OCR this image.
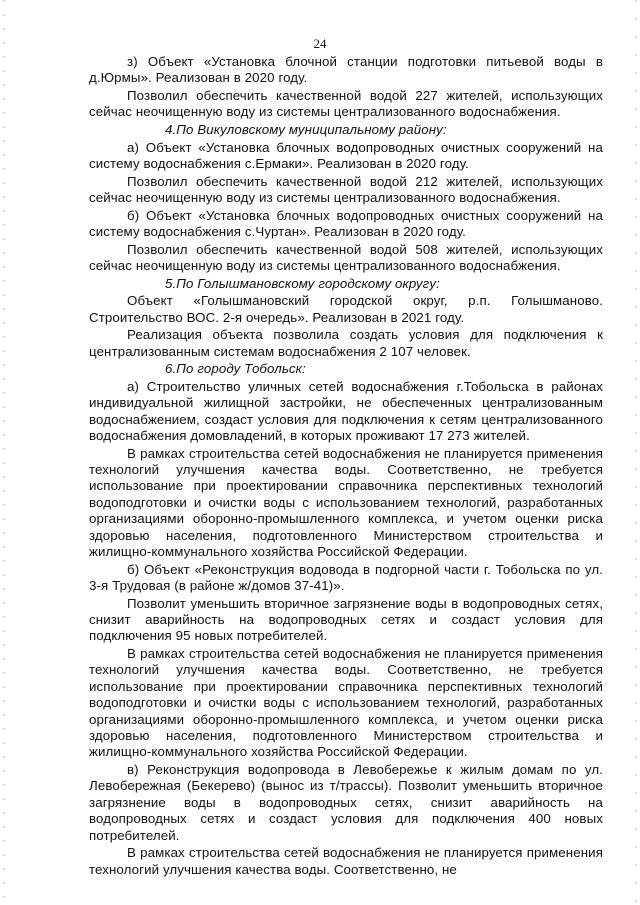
24

з) Объект «Установка блочной станции подготовки питьевой воды в д.Юрмы». Реализован в 2020 году.

Позволил обеспечить качественной водой 227 жителей, использующих сейчас неочищенную воду из системы централизованного водоснабжения.

4.По Викуловскому муниципальному району:

а) Объект «Установка блочных водопроводных очистных сооружений на систему водоснабжения с.Ермаки». Реализован в 2020 году.

Позволил обеспечить качественной водой 212 жителей, использующих сейчас неочищенную воду из системы централизованного водоснабжения.

б) Объект «Установка блочных водопроводных очистных сооружений на систему водоснабжения с.Чуртан». Реализован в 2020 году.

Позволил обеспечить качественной водой 508 жителей, использующих сейчас неочищенную воду из системы централизованного водоснабжения.

5.По Голышмановскому городскому округу:

Объект «Голышмановский городской округ, р.п. Голышманово. Строительство ВОС. 2-я очередь». Реализован в 2021 году.

Реализация объекта позволила создать условия для подключения к централизованным системам водоснабжения 2 107 человек.

6.По городу Тобольск:

а) Строительство уличных сетей водоснабжения г.Тобольска в районах индивидуальной жилищной застройки, не обеспеченных централизованным водоснабжением, создаст условия для подключения к сетям централизованного водоснабжения домовладений, в которых проживают 17 273 жителей.

В рамках строительства сетей водоснабжения не планируется применения технологий улучшения качества воды. Соответственно, не требуется использование при проектировании справочника перспективных технологий водоподготовки и очистки воды с использованием технологий, разработанных организациями оборонно-промышленного комплекса, и учетом оценки риска здоровью населения, подготовленного Министерством строительства и жилищно-коммунального хозяйства Российской Федерации.

б) Объект «Реконструкция водовода в подгорной части г. Тобольска по ул. 3-я Трудовая (в районе ж/домов 37-41)».

Позволит уменьшить вторичное загрязнение воды в водопроводных сетях, снизит аварийность на водопроводных сетях и создаст условия для подключения 95 новых потребителей.

В рамках строительства сетей водоснабжения не планируется применения технологий улучшения качества воды. Соответственно, не требуется использование при проектировании справочника перспективных технологий водоподготовки и очистки воды с использованием технологий, разработанных организациями оборонно-промышленного комплекса, и учетом оценки риска здоровью населения, подготовленного Министерством строительства и жилищно-коммунального хозяйства Российской Федерации.

в) Реконструкция водопровода в Левобережье к жилым домам по ул. Левобережная (Бекерево) (вынос из т/трассы). Позволит уменьшить вторичное загрязнение воды в водопроводных сетях, снизит аварийность на водопроводных сетях и создаст условия для подключения 400 новых потребителей.

В рамках строительства сетей водоснабжения не планируется применения технологий улучшения качества воды. Соответственно, не
